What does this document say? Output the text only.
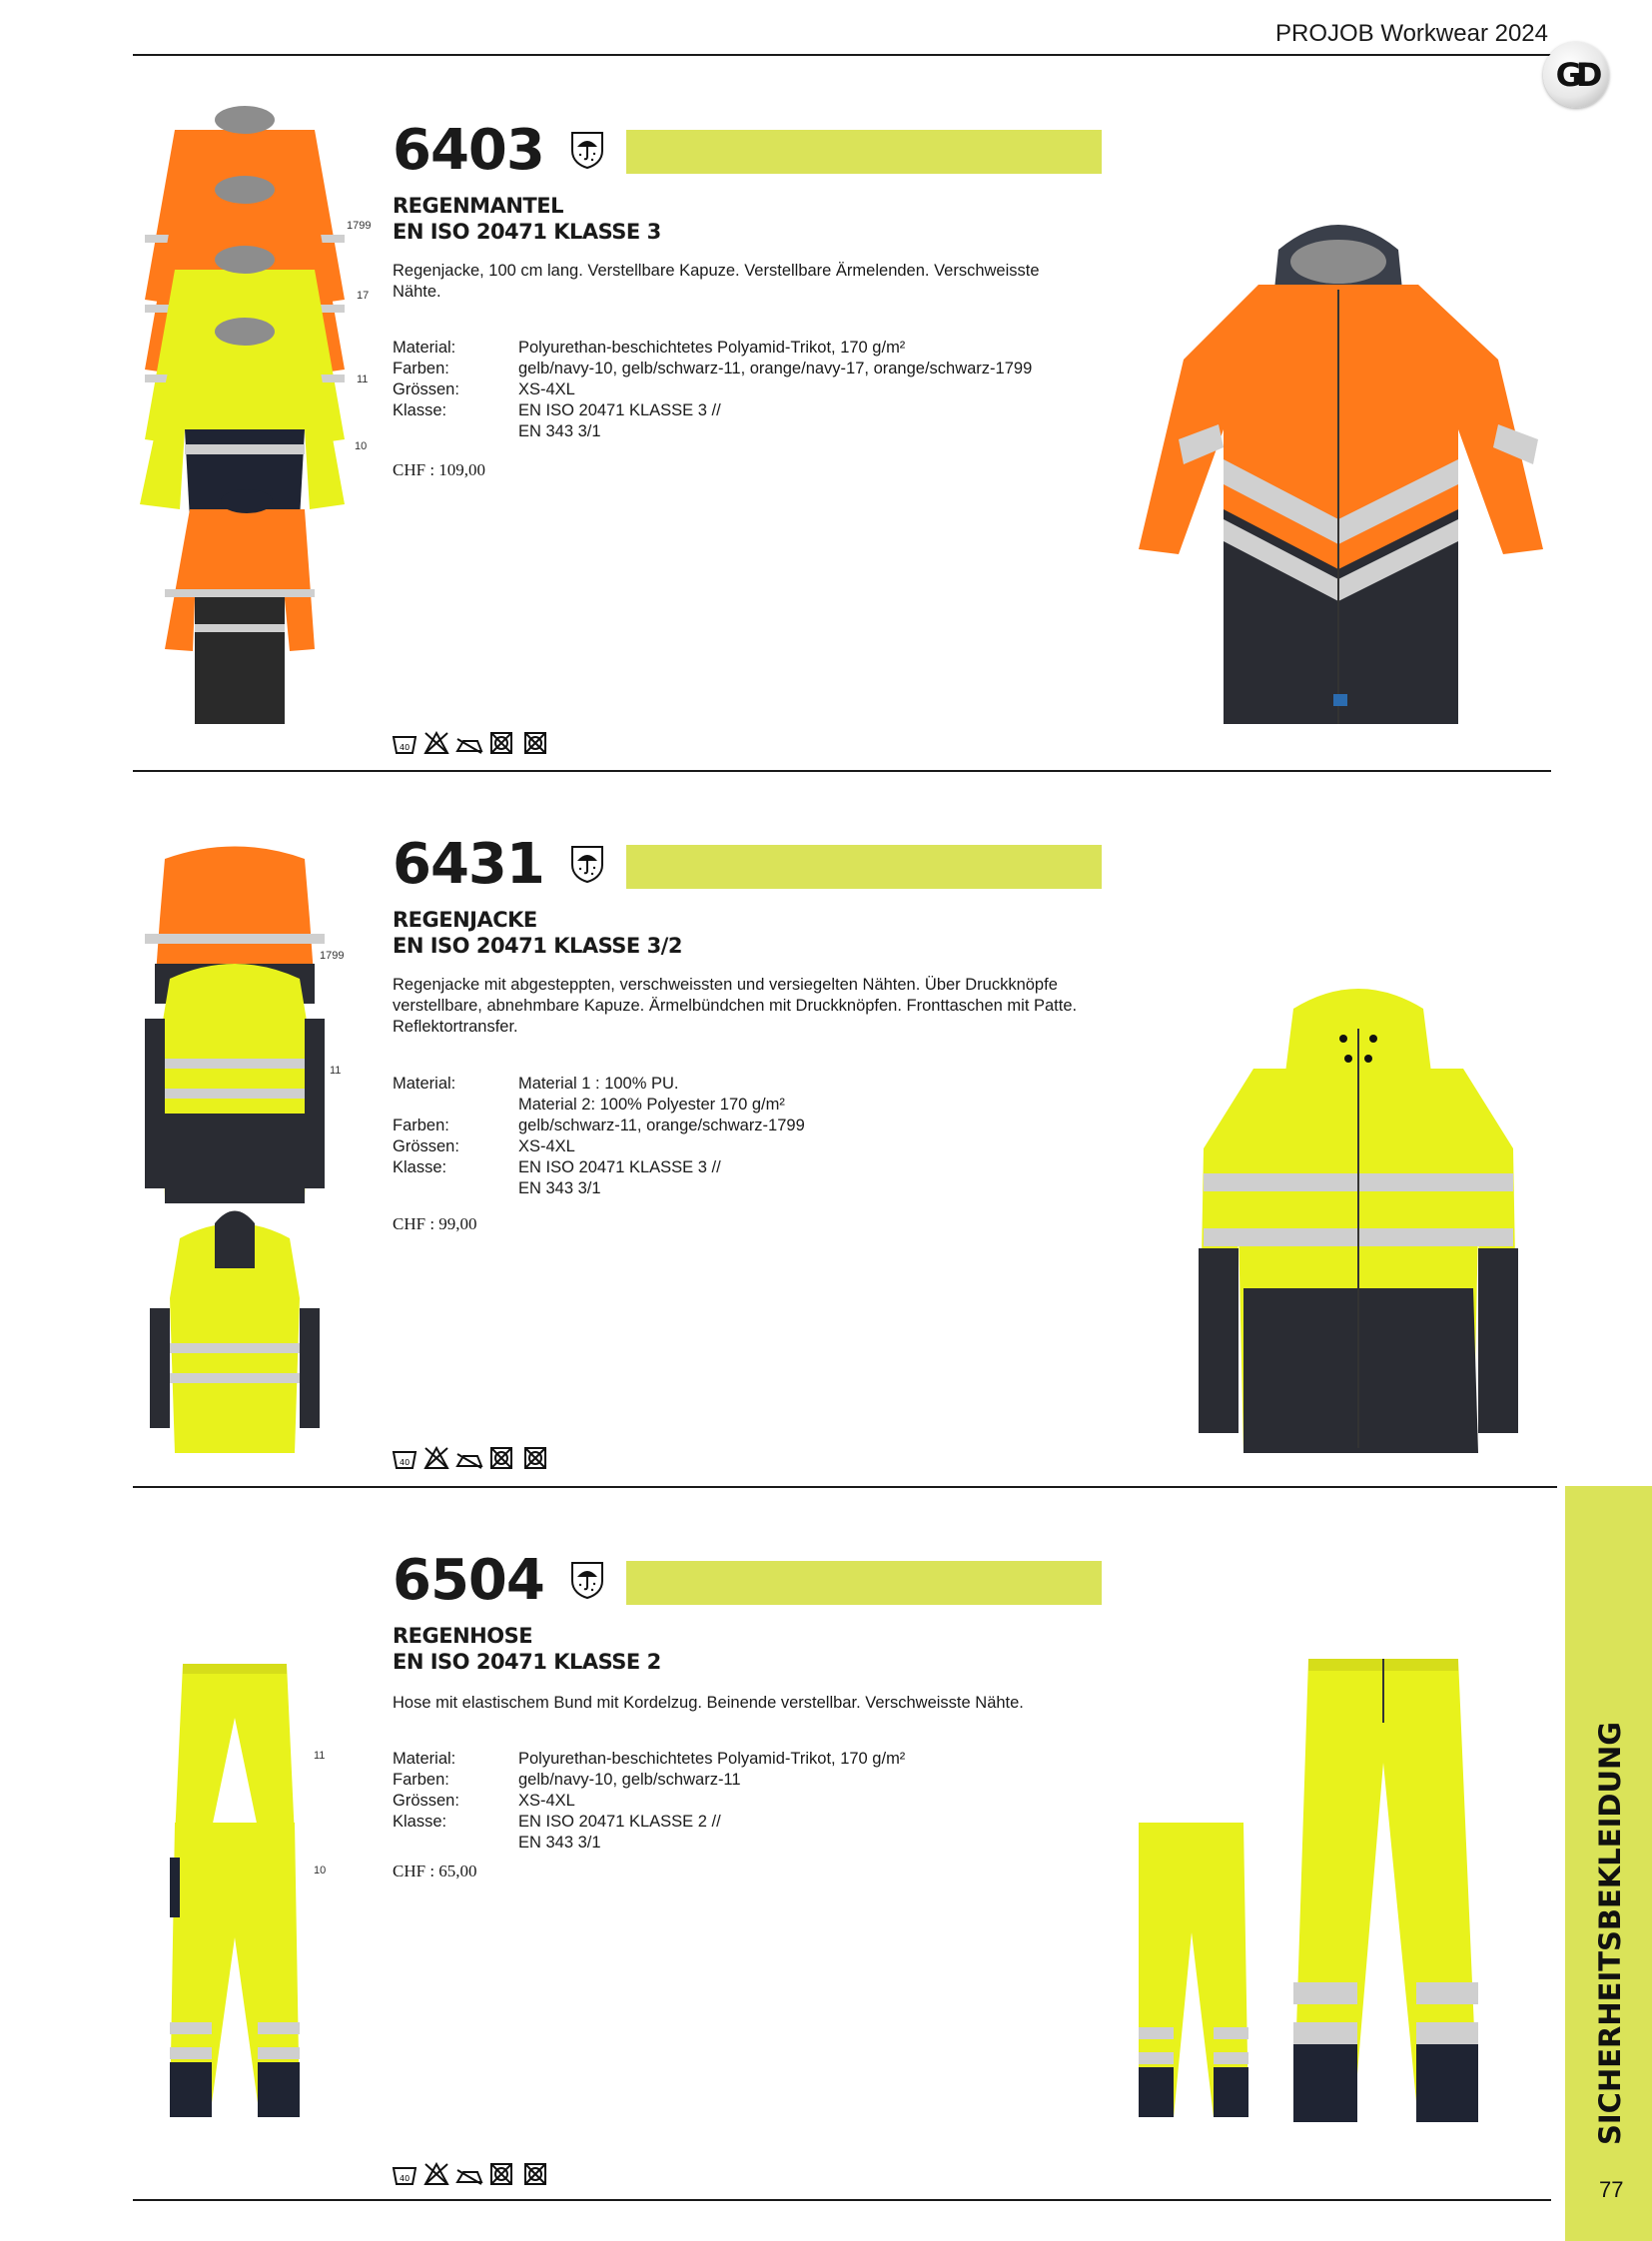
PROJOB Workwear 2024
GD
6403
REGENMANTEL
EN ISO 20471 KLASSE 3
Regenjacke, 100 cm lang. Verstellbare Kapuze. Verstellbare Ärmelenden. Verschweisste Nähte.
Material:	Polyurethan-beschichtetes Polyamid-Trikot, 170 g/m²
Farben:	gelb/navy-10, gelb/schwarz-11, orange/navy-17, orange/schwarz-1799
Grössen:	XS-4XL
Klasse:	EN ISO 20471 KLASSE 3 //
EN 343 3/1
CHF : 109,00
1799
17
11
10
40
6431
REGENJACKE
EN ISO 20471 KLASSE 3/2
Regenjacke mit abgesteppten, verschweissten und versiegelten Nähten. Über Druckknöpfe verstellbare, abnehmbare Kapuze. Ärmelbündchen mit Druckknöpfen. Fronttaschen mit Patte. Reflektortransfer.
Material:	Material 1 : 100% PU.
Material 2: 100% Polyester 170 g/m²
Farben:	gelb/schwarz-11, orange/schwarz-1799
Grössen:	XS-4XL
Klasse:	EN ISO 20471 KLASSE 3 //
EN 343 3/1
CHF : 99,00
1799
11
40
6504
REGENHOSE
EN ISO 20471 KLASSE 2
Hose mit elastischem Bund mit Kordelzug. Beinende verstellbar. Verschweisste Nähte.
Material:	Polyurethan-beschichtetes Polyamid-Trikot, 170 g/m²
Farben:	gelb/navy-10, gelb/schwarz-11
Grössen:	XS-4XL
Klasse:	EN ISO 20471 KLASSE 2 //
EN 343 3/1
CHF : 65,00
11
10
40
SICHERHEITSBEKLEIDUNG
77
